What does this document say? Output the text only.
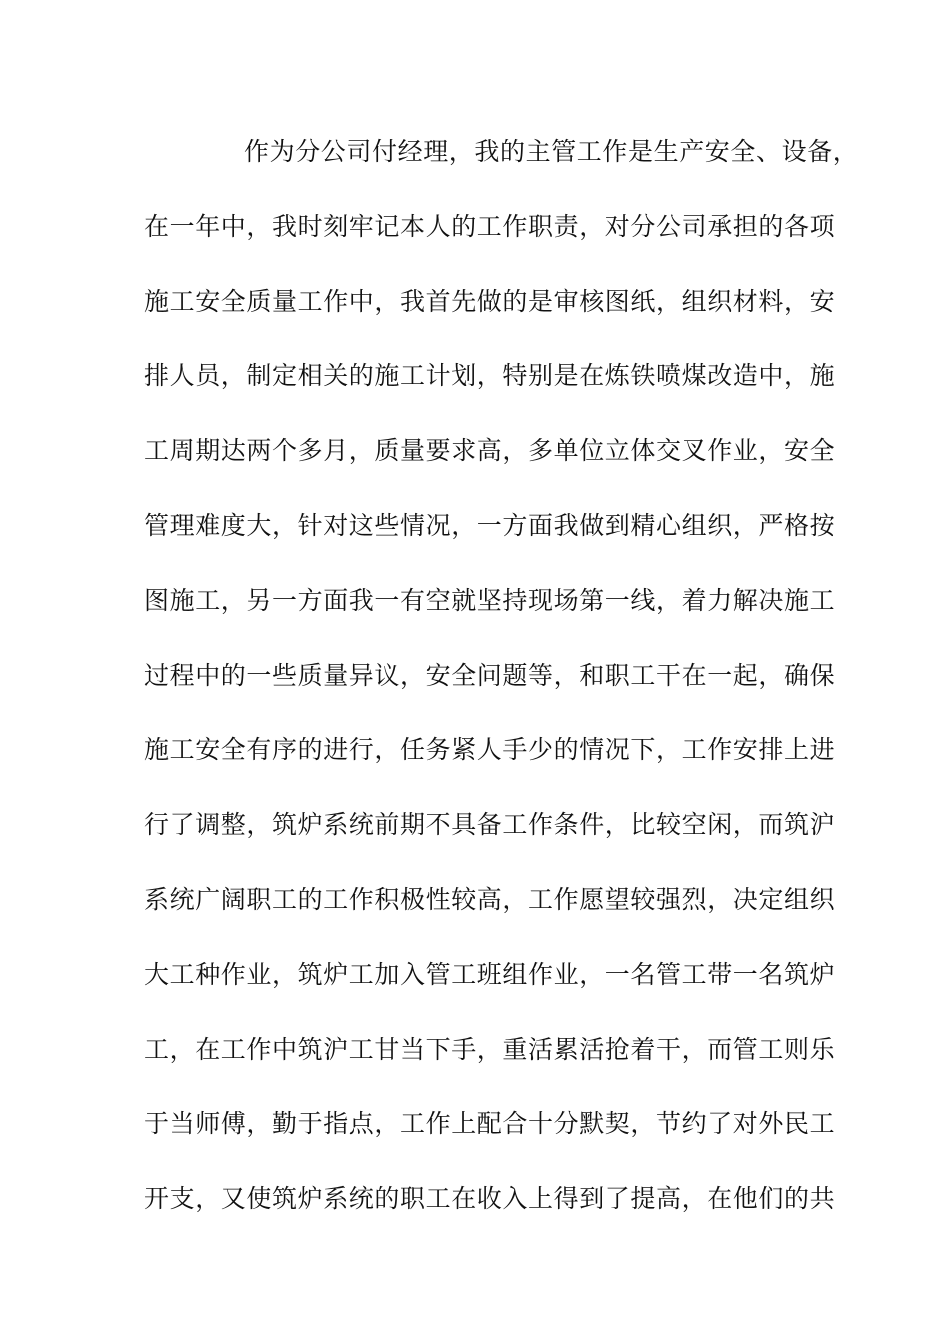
作为分公司付经理，我的主管工作是生产安全、设备，
在一年中，我时刻牢记本人的工作职责，对分公司承担的各项
施工安全质量工作中，我首先做的是审核图纸，组织材料，安
排人员，制定相关的施工计划，特别是在炼铁喷煤改造中，施
工周期达两个多月，质量要求高，多单位立体交叉作业，安全
管理难度大，针对这些情况，一方面我做到精心组织，严格按
图施工，另一方面我一有空就坚持现场第一线，着力解决施工
过程中的一些质量异议，安全问题等，和职工干在一起，确保
施工安全有序的进行，任务紧人手少的情况下，工作安排上进
行了调整，筑炉系统前期不具备工作条件，比较空闲，而筑沪
系统广阔职工的工作积极性较高，工作愿望较强烈，决定组织
大工种作业，筑炉工加入管工班组作业，一名管工带一名筑炉
工，在工作中筑沪工甘当下手，重活累活抢着干，而管工则乐
于当师傅，勤于指点，工作上配合十分默契，节约了对外民工
开支，又使筑炉系统的职工在收入上得到了提高，在他们的共
